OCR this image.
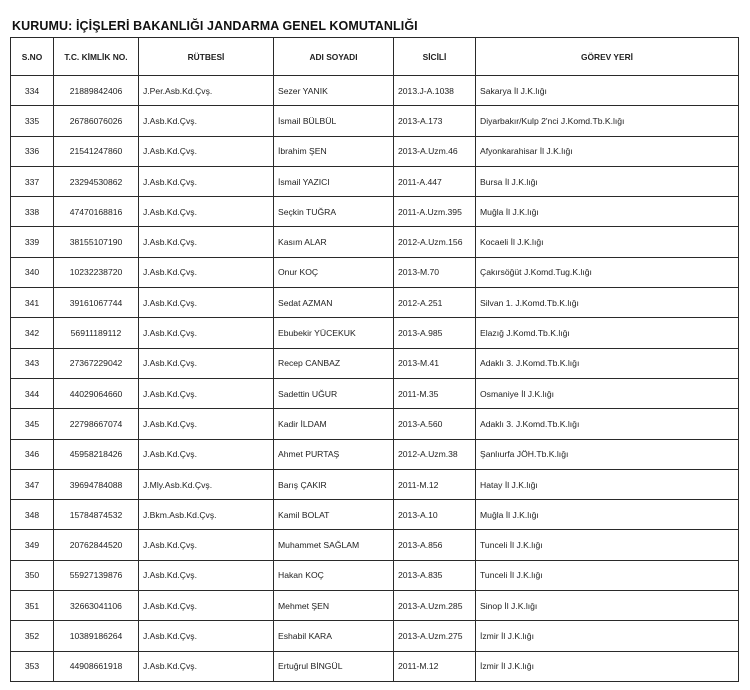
KURUMU: İÇİŞLERİ BAKANLIĞI JANDARMA GENEL KOMUTANLIĞI
S.NO	T.C. KİMLİK NO.	RÜTBESİ	ADI SOYADI	SİCİLİ	GÖREV YERİ
334	21889842406	J.Per.Asb.Kd.Çvş.	Sezer YANIK	2013.J-A.1038	Sakarya İl J.K.lığı
335	26786076026	J.Asb.Kd.Çvş.	İsmail BÜLBÜL	2013-A.173	Diyarbakır/Kulp 2'nci J.Komd.Tb.K.lığı
336	21541247860	J.Asb.Kd.Çvş.	İbrahim ŞEN	2013-A.Uzm.46	Afyonkarahisar İl J.K.lığı
337	23294530862	J.Asb.Kd.Çvş.	İsmail YAZICI	2011-A.447	Bursa İl J.K.lığı
338	47470168816	J.Asb.Kd.Çvş.	Seçkin TUĞRA	2011-A.Uzm.395	Muğla İl J.K.lığı
339	38155107190	J.Asb.Kd.Çvş.	Kasım ALAR	2012-A.Uzm.156	Kocaeli İl J.K.lığı
340	10232238720	J.Asb.Kd.Çvş.	Onur KOÇ	2013-M.70	Çakırsöğüt J.Komd.Tug.K.lığı
341	39161067744	J.Asb.Kd.Çvş.	Sedat AZMAN	2012-A.251	Silvan 1. J.Komd.Tb.K.lığı
342	56911189112	J.Asb.Kd.Çvş.	Ebubekir YÜCEKUK	2013-A.985	Elazığ J.Komd.Tb.K.lığı
343	27367229042	J.Asb.Kd.Çvş.	Recep CANBAZ	2013-M.41	Adaklı 3. J.Komd.Tb.K.lığı
344	44029064660	J.Asb.Kd.Çvş.	Sadettin UĞUR	2011-M.35	Osmaniye İl J.K.lığı
345	22798667074	J.Asb.Kd.Çvş.	Kadir İLDAM	2013-A.560	Adaklı 3. J.Komd.Tb.K.lığı
346	45958218426	J.Asb.Kd.Çvş.	Ahmet PURTAŞ	2012-A.Uzm.38	Şanlıurfa JÖH.Tb.K.lığı
347	39694784088	J.Mly.Asb.Kd.Çvş.	Barış ÇAKIR	2011-M.12	Hatay İl J.K.lığı
348	15784874532	J.Bkm.Asb.Kd.Çvş.	Kamil BOLAT	2013-A.10	Muğla İl J.K.lığı
349	20762844520	J.Asb.Kd.Çvş.	Muhammet SAĞLAM	2013-A.856	Tunceli İl J.K.lığı
350	55927139876	J.Asb.Kd.Çvş.	Hakan KOÇ	2013-A.835	Tunceli İl J.K.lığı
351	32663041106	J.Asb.Kd.Çvş.	Mehmet ŞEN	2013-A.Uzm.285	Sinop İl J.K.lığı
352	10389186264	J.Asb.Kd.Çvş.	Eshabil KARA	2013-A.Uzm.275	İzmir İl J.K.lığı
353	44908661918	J.Asb.Kd.Çvş.	Ertuğrul BİNGÜL	2011-M.12	İzmir İl J.K.lığı
